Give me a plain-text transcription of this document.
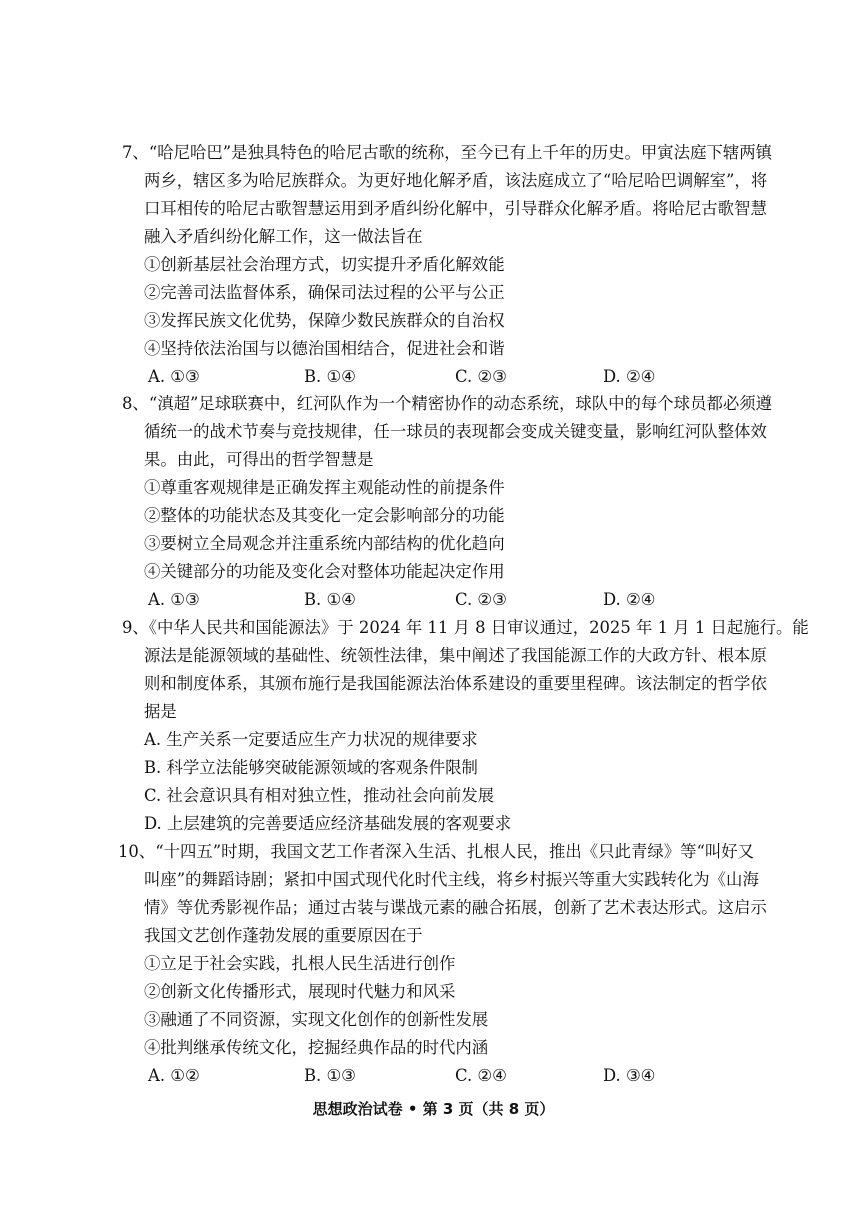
7、“哈尼哈巴”是独具特色的哈尼古歌的统称，至今已有上千年的历史。甲寅法庭下辖两镇
两乡，辖区多为哈尼族群众。为更好地化解矛盾，该法庭成立了“哈尼哈巴调解室”，将
口耳相传的哈尼古歌智慧运用到矛盾纠纷化解中，引导群众化解矛盾。将哈尼古歌智慧
融入矛盾纠纷化解工作，这一做法旨在
①创新基层社会治理方式，切实提升矛盾化解效能
②完善司法监督体系，确保司法过程的公平与公正
③发挥民族文化优势，保障少数民族群众的自治权
④坚持依法治国与以德治国相结合，促进社会和谐
A. ①③	B. ①④	C. ②③	D. ②④
8、“滇超”足球联赛中，红河队作为一个精密协作的动态系统，球队中的每个球员都必须遵
循统一的战术节奏与竞技规律，任一球员的表现都会变成关键变量，影响红河队整体效
果。由此，可得出的哲学智慧是
①尊重客观规律是正确发挥主观能动性的前提条件
②整体的功能状态及其变化一定会影响部分的功能
③要树立全局观念并注重系统内部结构的优化趋向
④关键部分的功能及变化会对整体功能起决定作用
A. ①③	B. ①④	C. ②③	D. ②④
9、《中华人民共和国能源法》于 2024 年 11 月 8 日审议通过，2025 年 1 月 1 日起施行。能
源法是能源领域的基础性、统领性法律，集中阐述了我国能源工作的大政方针、根本原
则和制度体系，其颁布施行是我国能源法治体系建设的重要里程碑。该法制定的哲学依
据是
A. 生产关系一定要适应生产力状况的规律要求
B. 科学立法能够突破能源领域的客观条件限制
C. 社会意识具有相对独立性，推动社会向前发展
D. 上层建筑的完善要适应经济基础发展的客观要求
10、“十四五”时期，我国文艺工作者深入生活、扎根人民，推出《只此青绿》等“叫好又
叫座”的舞蹈诗剧；紧扣中国式现代化时代主线，将乡村振兴等重大实践转化为《山海
情》等优秀影视作品；通过古装与谍战元素的融合拓展，创新了艺术表达形式。这启示
我国文艺创作蓬勃发展的重要原因在于
①立足于社会实践，扎根人民生活进行创作
②创新文化传播形式，展现时代魅力和风采
③融通了不同资源，实现文化创作的创新性发展
④批判继承传统文化，挖掘经典作品的时代内涵
A. ①②	B. ①③	C. ②④	D. ③④
思想政治试卷 • 第 3 页（共 8 页）
